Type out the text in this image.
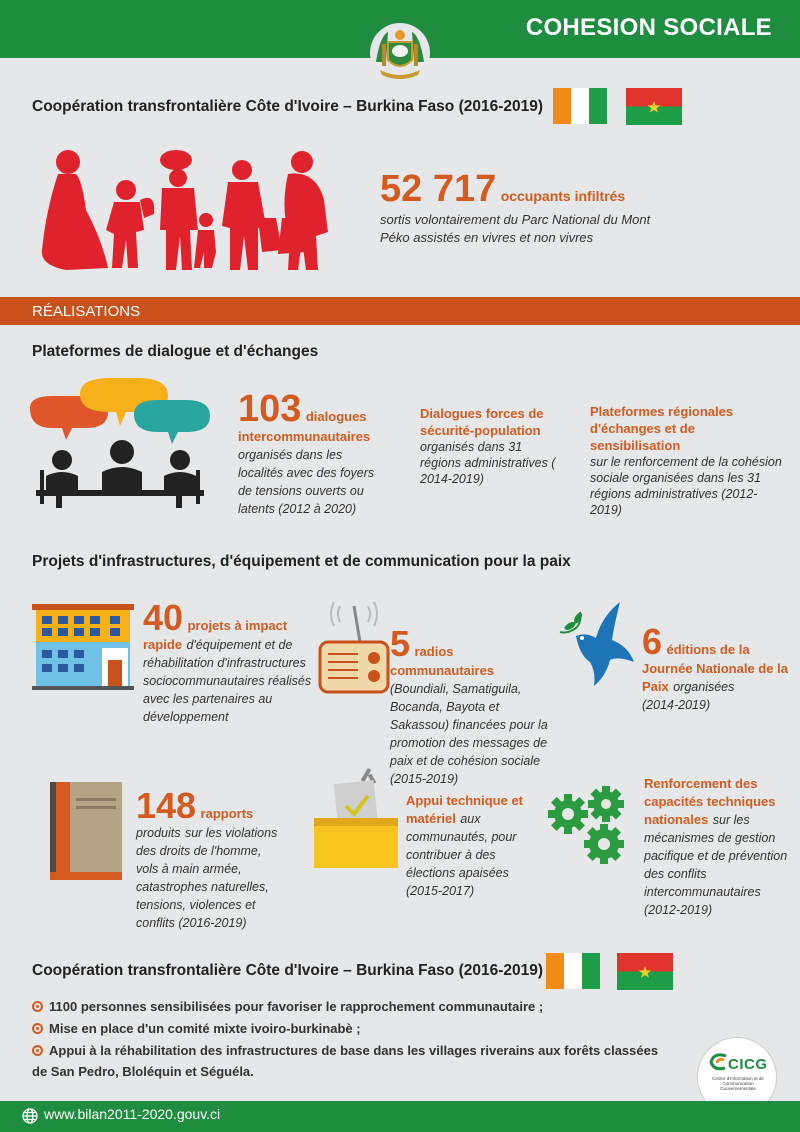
COHESION SOCIALE
Coopération transfrontalière Côte d'Ivoire – Burkina Faso (2016-2019)
52 717 occupants infiltrés sortis volontairement du Parc National du Mont Péko assistés en vivres et non vivres
RÉALISATIONS
Plateformes de dialogue et d'échanges
103 dialogues
intercommunautaires
organisés dans les localités avec des foyers de tensions ouverts ou latents (2012 à 2020)
Dialogues forces de sécurité-population
organisés dans 31 régions administratives ( 2014-2019)
Plateformes régionales d'échanges et de sensibilisation
sur le renforcement de la cohésion sociale organisées dans les 31 régions administratives (2012-2019)
Projets d'infrastructures, d'équipement et de communication pour la paix
40 projets à impact
rapide d'équipement et de réhabilitation d'infrastructures sociocommunautaires réalisés avec les partenaires au développement
5 radios communautaires
(Boundiali, Samatiguila, Bocanda, Bayota et Sakassou) financées pour la promotion des messages de paix et de cohésion sociale (2015-2019)
6 éditions de la
Journée Nationale de la Paix organisées
(2014-2019)
148 rapports produits sur les violations des droits de l'homme, vols à main armée, catastrophes naturelles, tensions, violences et conflits (2016-2019)
Appui technique et matériel aux communautés, pour contribuer à des élections apaisées (2015-2017)
Renforcement des capacités techniques nationales sur les mécanismes de gestion pacifique et de prévention des conflits intercommunautaires (2012-2019)
Coopération transfrontalière Côte d'Ivoire – Burkina Faso (2016-2019)
1100 personnes sensibilisées pour favoriser le rapprochement communautaire ;
Mise en place d'un comité mixte ivoiro-burkinabè ;
Appui à la réhabilitation des infrastructures de base dans les villages riverains aux forêts classées
de San Pedro, Bloléquin et Séguéla.	CICG
Centre d'Information et de Communication Gouvernementale
www.bilan2011-2020.gouv.ci
